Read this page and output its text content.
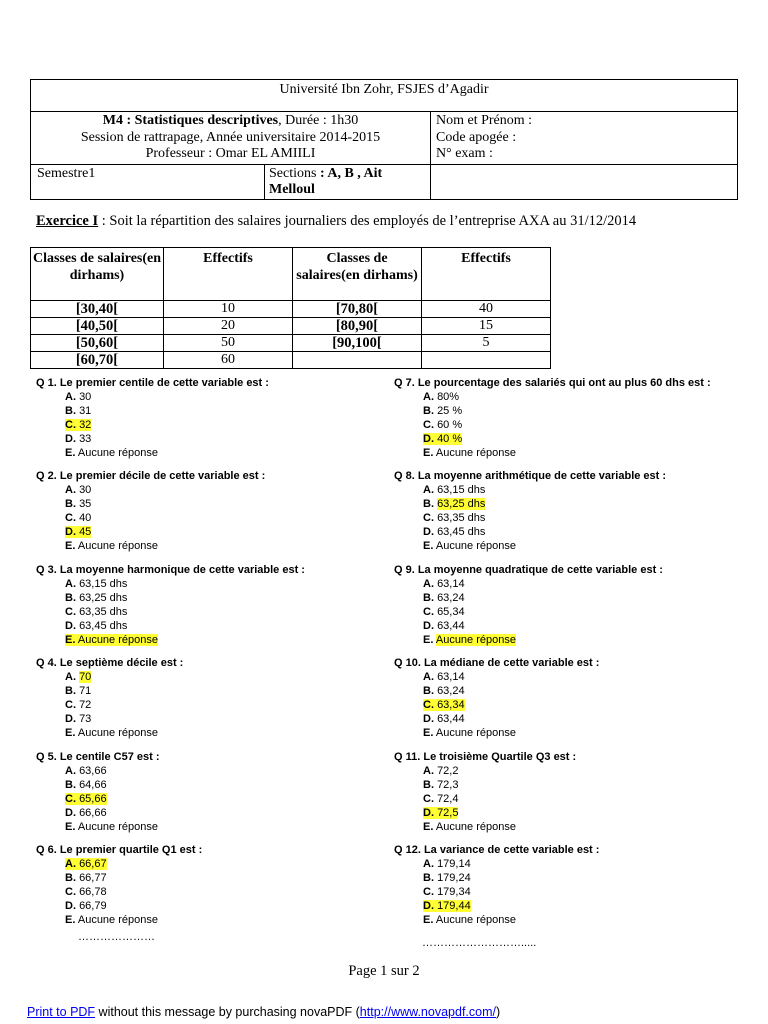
Université Ibn Zohr, FSJES d’Agadir
M4 : Statistiques descriptives, Durée : 1h30
Session de rattrapage, Année universitaire 2014-2015
Professeur : Omar EL AMIILI
Nom et Prénom :
Code apogée :
N° exam :
Semestre1	Sections : A, B , Ait Melloul
Exercice I : Soit la répartition des salaires journaliers des employés de l’entreprise AXA au 31/12/2014
Classes de salaires(en dirhams)	Effectifs	Classes de salaires(en dirhams)	Effectifs
[30,40[	10	[70,80[	40
[40,50[	20	[80,90[	15
[50,60[	50	[90,100[	5
[60,70[	60		
Q 1. Le premier centile de cette variable est :
A. 30
B. 31
C. 32
D. 33
E. Aucune réponse
Q 2. Le premier décile de cette variable est :
A. 30
B. 35
C. 40
D. 45
E. Aucune réponse
Q 3. La moyenne harmonique de cette variable est :
A. 63,15 dhs
B. 63,25 dhs
C. 63,35 dhs
D. 63,45 dhs
E. Aucune réponse
Q 4. Le septième décile est :
A. 70
B. 71
C. 72
D. 73
E. Aucune réponse
Q 5. Le centile C57 est :
A. 63,66
B. 64,66
C. 65,66
D. 66,66
E. Aucune réponse
Q 6. Le premier quartile Q1 est :
A. 66,67
B. 66,77
C. 66,78
D. 66,79
E. Aucune réponse
Q 7. Le pourcentage des salariés qui ont au plus 60 dhs est :
A. 80%
B. 25 %
C. 60 %
D. 40 %
E. Aucune réponse
Q 8. La moyenne arithmétique de cette variable est :
A. 63,15 dhs
B. 63,25 dhs
C. 63,35 dhs
D. 63,45 dhs
E. Aucune réponse
Q 9. La moyenne quadratique de cette variable est :
A. 63,14
B. 63,24
C. 65,34
D. 63,44
E. Aucune réponse
Q 10. La médiane de cette variable est :
A. 63,14
B. 63,24
C. 63,34
D. 63,44
E. Aucune réponse
Q 11. Le troisième Quartile Q3 est :
A. 72,2
B. 72,3
C. 72,4
D. 72,5
E. Aucune réponse
Q 12. La variance de cette variable est :
A. 179,14
B. 179,24
C. 179,34
D. 179,44
E. Aucune réponse
…………………	……………………….....
Page 1 sur 2
Print to PDF without this message by purchasing novaPDF (http://www.novapdf.com/)
